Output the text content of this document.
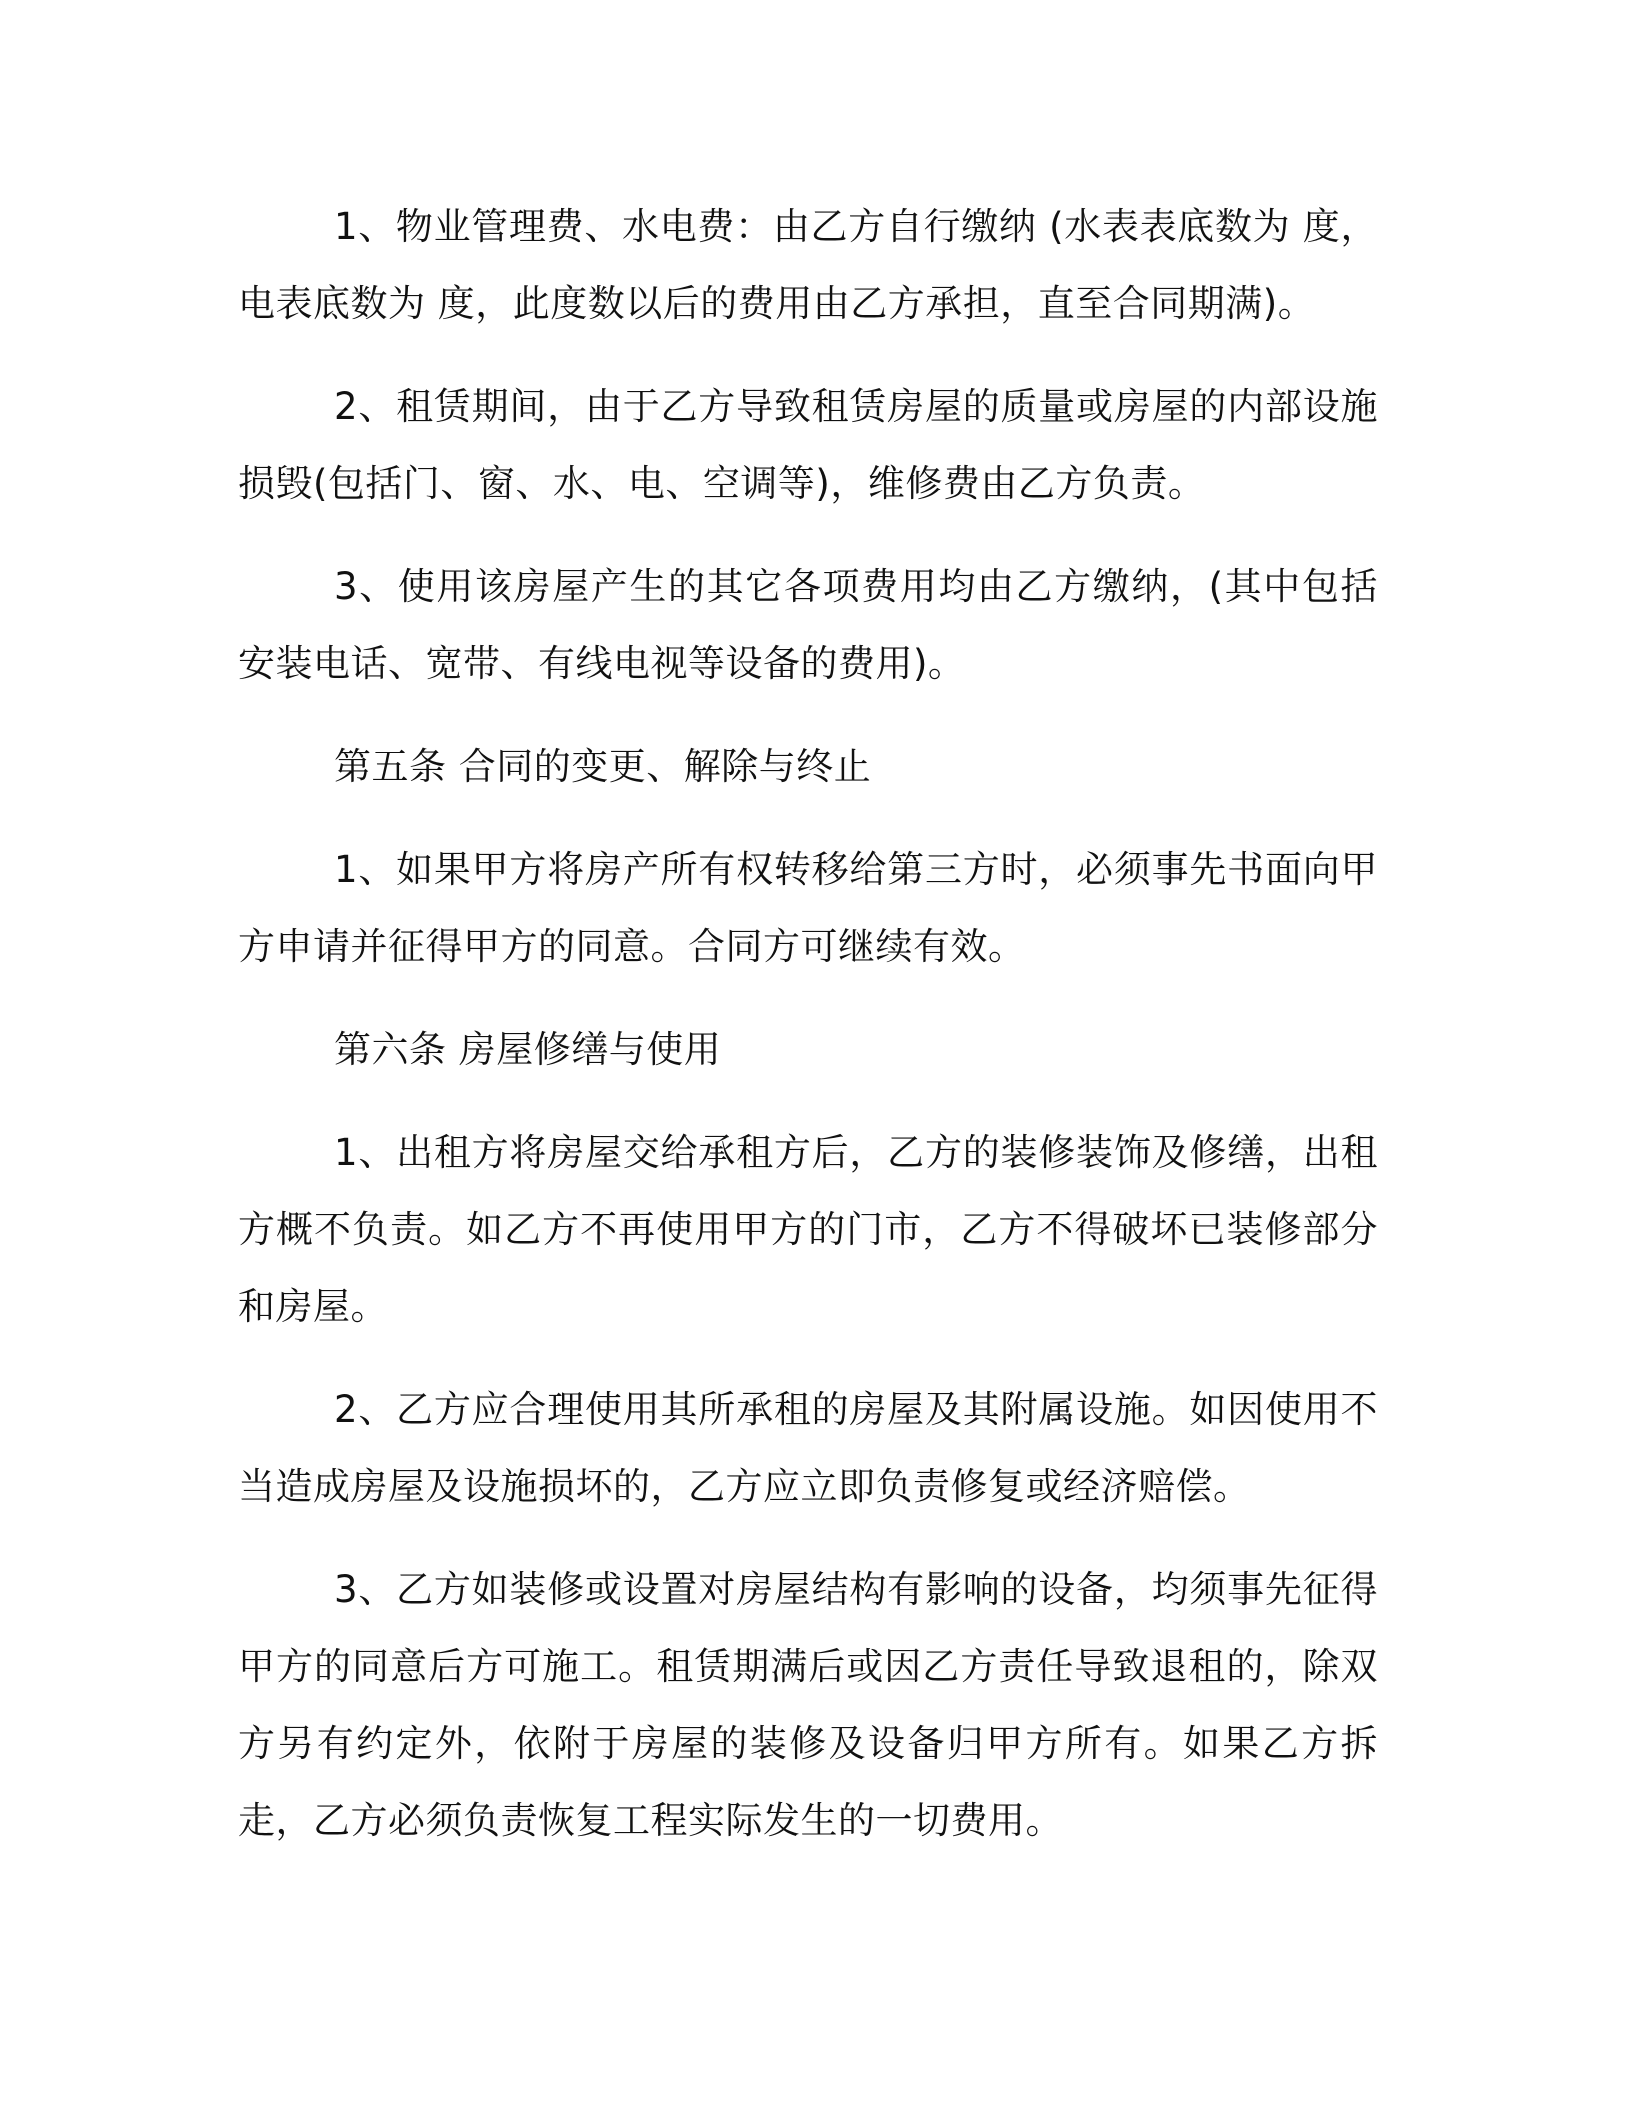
1、物业管理费、水电费：由乙方自行缴纳 (水表表底数为 度，电表底数为 度，此度数以后的费用由乙方承担，直至合同期满)。

2、租赁期间，由于乙方导致租赁房屋的质量或房屋的内部设施损毁(包括门、窗、水、电、空调等)，维修费由乙方负责。

3、使用该房屋产生的其它各项费用均由乙方缴纳，(其中包括安装电话、宽带、有线电视等设备的费用)。

第五条 合同的变更、解除与终止

1、如果甲方将房产所有权转移给第三方时，必须事先书面向甲方申请并征得甲方的同意。合同方可继续有效。

第六条 房屋修缮与使用

1、出租方将房屋交给承租方后，乙方的装修装饰及修缮，出租方概不负责。如乙方不再使用甲方的门市，乙方不得破坏已装修部分和房屋。

2、乙方应合理使用其所承租的房屋及其附属设施。如因使用不当造成房屋及设施损坏的，乙方应立即负责修复或经济赔偿。

3、乙方如装修或设置对房屋结构有影响的设备，均须事先征得甲方的同意后方可施工。租赁期满后或因乙方责任导致退租的，除双方另有约定外，依附于房屋的装修及设备归甲方所有。如果乙方拆走，乙方必须负责恢复工程实际发生的一切费用。
